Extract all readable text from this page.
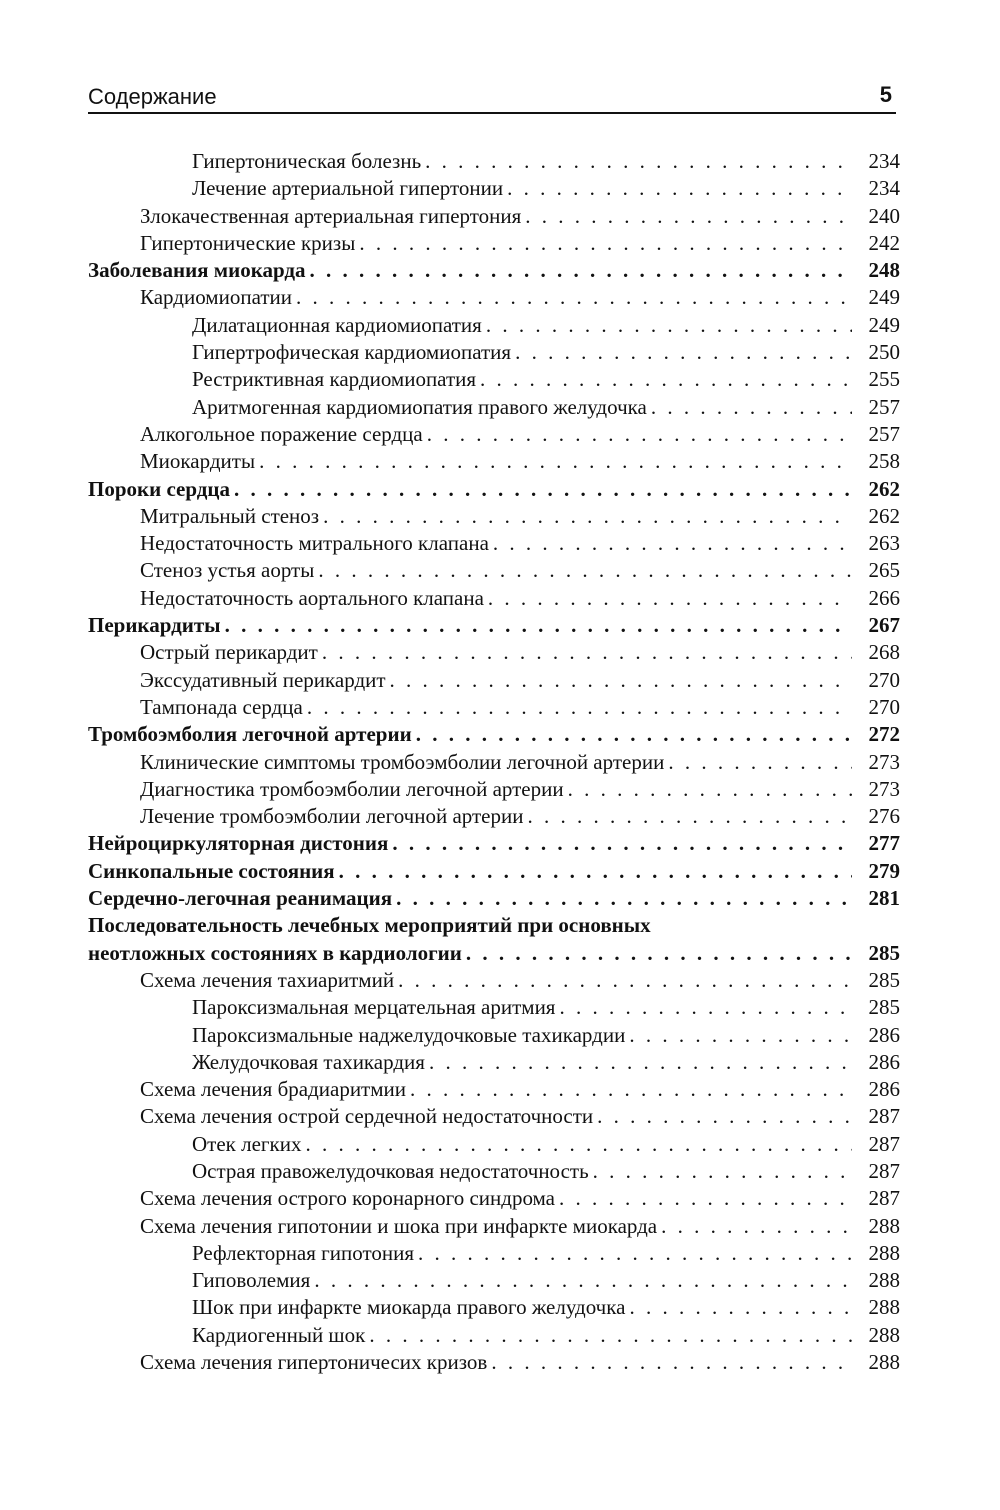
Содержание	5
Гипертоническая болезнь . . .	234
Лечение артериальной гипертонии . . .	234
Злокачественная артериальная гипертония . . .	240
Гипертонические кризы . . .	242
Заболевания миокарда . . .	248
Кардиомиопатии . . .	249
Дилатационная кардиомиопатия . . .	249
Гипертрофическая кардиомиопатия . . .	250
Рестриктивная кардиомиопатия . . .	255
Аритмогенная кардиомиопатия правого желудочка . . .	257
Алкогольное поражение сердца . . .	257
Миокардиты . . .	258
Пороки сердца . . .	262
Митральный стеноз . . .	262
Недостаточность митрального клапана . . .	263
Стеноз устья аорты . . .	265
Недостаточность аортального клапана . . .	266
Перикардиты . . .	267
Острый перикардит . . .	268
Экссудативный перикардит . . .	270
Тампонада сердца . . .	270
Тромбоэмболия легочной артерии . . .	272
Клинические симптомы тромбоэмболии легочной артерии . . .	273
Диагностика тромбоэмболии легочной артерии . . .	273
Лечение тромбоэмболии легочной артерии . . .	276
Нейроциркуляторная дистония . . .	277
Синкопальные состояния . . .	279
Сердечно-легочная реанимация . . .	281
Последовательность лечебных мероприятий при основных
неотложных состояниях в кардиологии . . .	285
Схема лечения тахиаритмий . . .	285
Пароксизмальная мерцательная аритмия . . .	285
Пароксизмальные наджелудочковые тахикардии . . .	286
Желудочковая тахикардия . . .	286
Схема лечения брадиаритмии . . .	286
Схема лечения острой сердечной недостаточности . . .	287
Отек легких . . .	287
Острая правожелудочковая недостаточность . . .	287
Схема лечения острого коронарного синдрома . . .	287
Схема лечения гипотонии и шока при инфаркте миокарда . . .	288
Рефлекторная гипотония . . .	288
Гиповолемия . . .	288
Шок при инфаркте миокарда правого желудочка . . .	288
Кардиогенный шок . . .	288
Схема лечения гипертоничесих кризов . . .	288
